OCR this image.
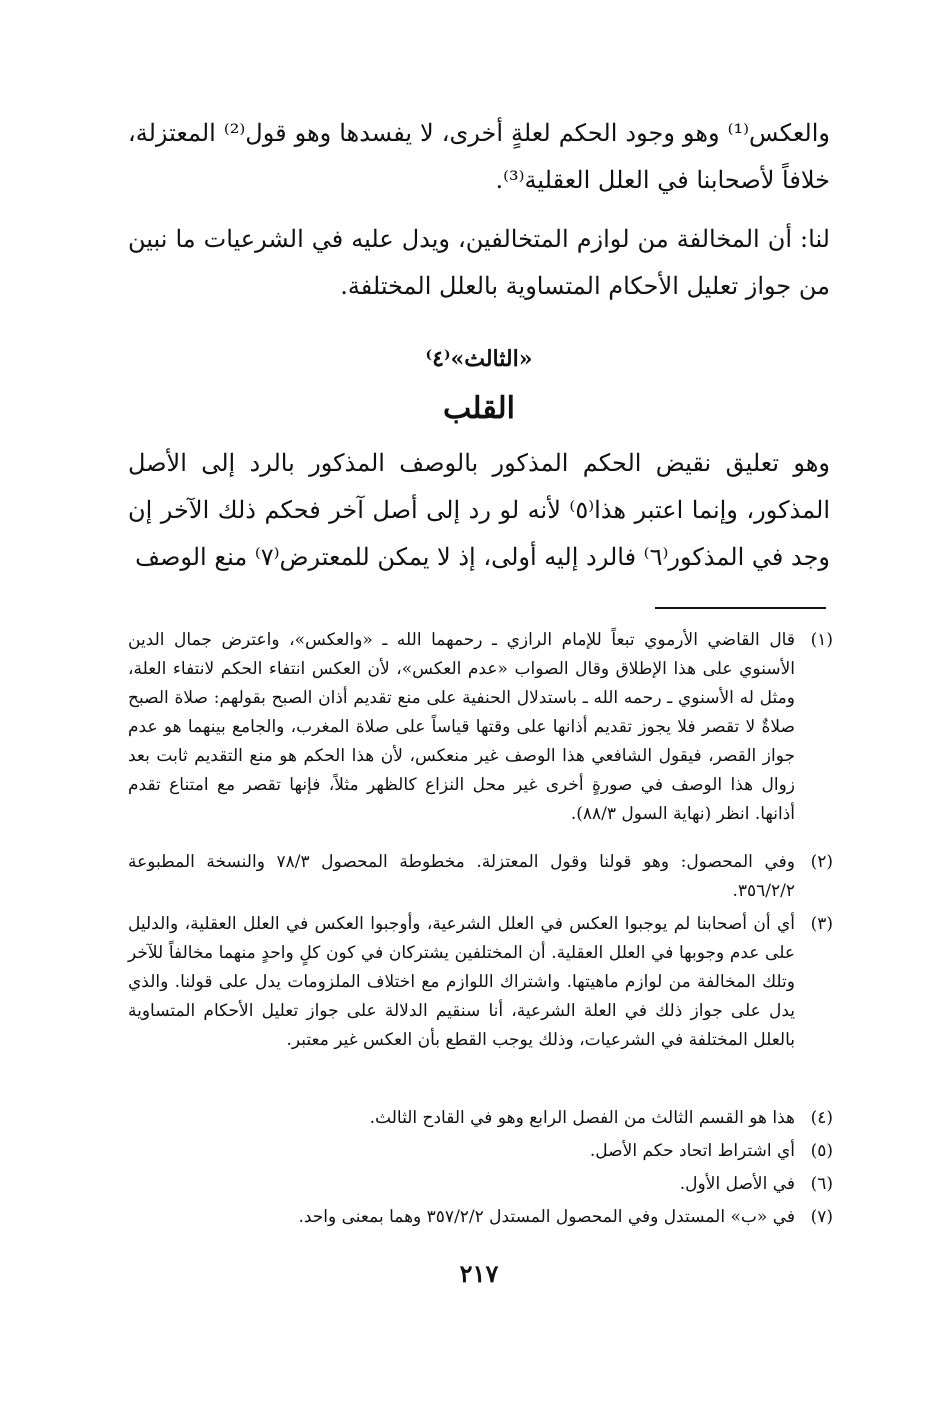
والعكس⁽¹⁾ وهو وجود الحكم لعلةٍ أخرى، لا يفسدها وهو قول⁽²⁾ المعتزلة، خلافاً لأصحابنا في العلل العقلية⁽³⁾.

لنا: أن المخالفة من لوازم المتخالفين، ويدل عليه في الشرعيات ما نبين من جواز تعليل الأحكام المتساوية بالعلل المختلفة.

«الثالث»⁽٤⁾
القلب

وهو تعليق نقيض الحكم المذكور بالوصف المذكور بالرد إلى الأصل المذكور، وإنما اعتبر هذا⁽٥⁾ لأنه لو رد إلى أصل آخر فحكم ذلك الآخر إن وجد في المذكور⁽٦⁾ فالرد إليه أولى، إذ لا يمكن للمعترض⁽٧⁾ منع الوصف

(١)
قال القاضي الأرموي تبعاً للإمام الرازي ـ رحمهما الله ـ «والعكس»، واعترض جمال الدين الأسنوي على هذا الإطلاق وقال الصواب «عدم العكس»، لأن العكس انتفاء الحكم لانتفاء العلة، ومثل له الأسنوي ـ رحمه الله ـ باستدلال الحنفية على منع تقديم أذان الصبح بقولهم: صلاة الصبح صلاةٌ لا تقصر فلا يجوز تقديم أذانها على وقتها قياساً على صلاة المغرب، والجامع بينهما هو عدم جواز القصر، فيقول الشافعي هذا الوصف غير منعكس، لأن هذا الحكم هو منع التقديم ثابت بعد زوال هذا الوصف في صورةٍ أخرى غير محل النزاع كالظهر مثلاً، فإنها تقصر مع امتناع تقدم أذانها. انظر (نهاية السول ٨٨/٣).
(٢)
وفي المحصول: وهو قولنا وقول المعتزلة. مخطوطة المحصول ٧٨/٣ والنسخة المطبوعة ٣٥٦/٢/٢.
(٣)
أي أن أصحابنا لم يوجبوا العكس في العلل الشرعية، وأوجبوا العكس في العلل العقلية، والدليل على عدم وجوبها في العلل العقلية. أن المختلفين يشتركان في كون كلٍ واحدٍ منهما مخالفاً للآخر وتلك المخالفة من لوازم ماهيتها. واشتراك اللوازم مع اختلاف الملزومات يدل على قولنا. والذي يدل على جواز ذلك في العلة الشرعية، أنا سنقيم الدلالة على جواز تعليل الأحكام المتساوية بالعلل المختلفة في الشرعيات، وذلك يوجب القطع بأن العكس غير معتبر.
(٤)
هذا هو القسم الثالث من الفصل الرابع وهو في القادح الثالث.
(٥)
أي اشتراط اتحاد حكم الأصل.
(٦)
في الأصل الأول.
(٧)
في «ب» المستدل وفي المحصول المستدل ٣٥٧/٢/٢ وهما بمعنى واحد.
٢١٧
